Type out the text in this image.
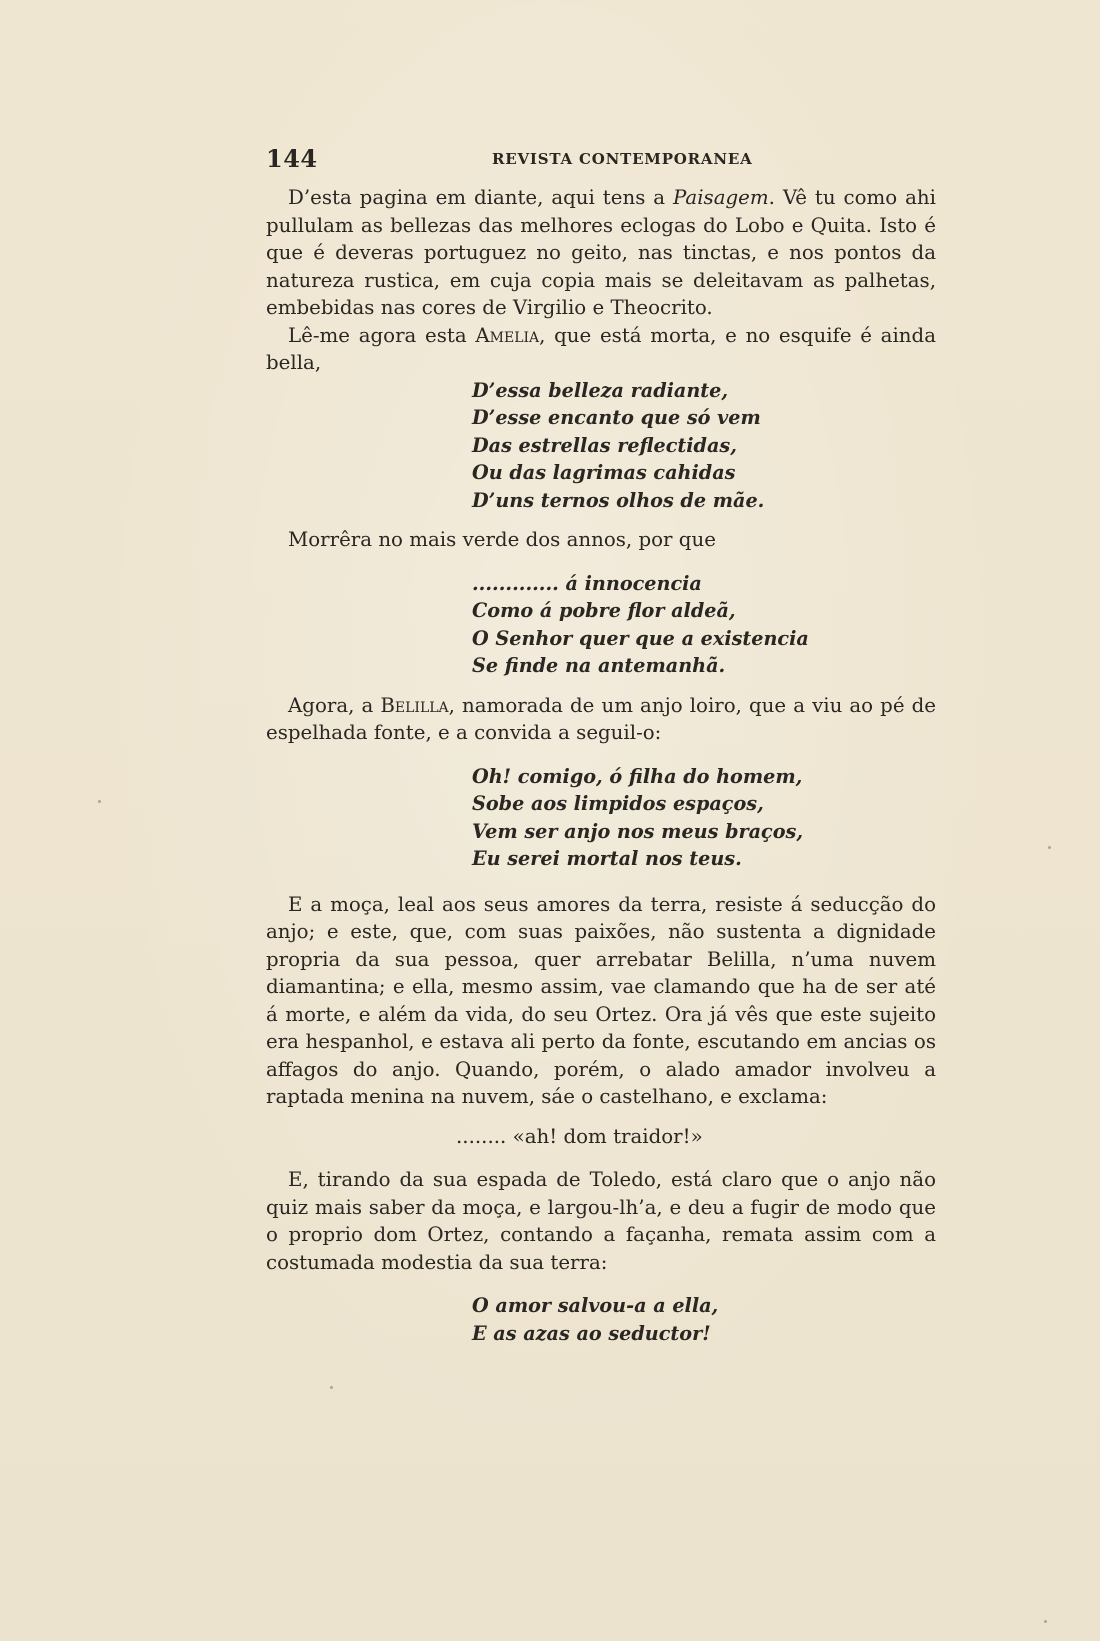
144	REVISTA CONTEMPORANEA

D’esta pagina em diante, aqui tens a Paisagem. Vê tu como ahi pullulam as bellezas das melhores eclogas do Lobo e Quita. Isto é que é deveras portuguez no geito, nas tinctas, e nos pontos da natureza rustica, em cuja copia mais se deleitavam as palhetas, embebidas nas cores de Virgilio e Theocrito.

Lê-me agora esta Amelia, que está morta, e no esquife é ainda bella,

D’essa belleza radiante,
D’esse encanto que só vem
Das estrellas reflectidas,
Ou das lagrimas cahidas
D’uns ternos olhos de mãe.

Morrêra no mais verde dos annos, por que

............. á innocencia
Como á pobre flor aldeã,
O Senhor quer que a existencia
Se finde na antemanhã.

Agora, a Belilla, namorada de um anjo loiro, que a viu ao pé de espelhada fonte, e a convida a seguil-o:

Oh! comigo, ó filha do homem,
Sobe aos limpidos espaços,
Vem ser anjo nos meus braços,
Eu serei mortal nos teus.

E a moça, leal aos seus amores da terra, resiste á seducção do anjo; e este, que, com suas paixões, não sustenta a dignidade propria da sua pessoa, quer arrebatar Belilla, n’uma nuvem diamantina; e ella, mesmo assim, vae clamando que ha de ser até á morte, e além da vida, do seu Ortez. Ora já vês que este sujeito era hespanhol, e estava ali perto da fonte, escutando em ancias os affagos do anjo. Quando, porém, o alado amador involveu a raptada menina na nuvem, sáe o castelhano, e exclama:

........ «ah! dom traidor!»

E, tirando da sua espada de Toledo, está claro que o anjo não quiz mais saber da moça, e largou-lh’a, e deu a fugir de modo que o proprio dom Ortez, contando a façanha, remata assim com a costumada modestia da sua terra:

O amor salvou-a a ella,
E as azas ao seductor!
